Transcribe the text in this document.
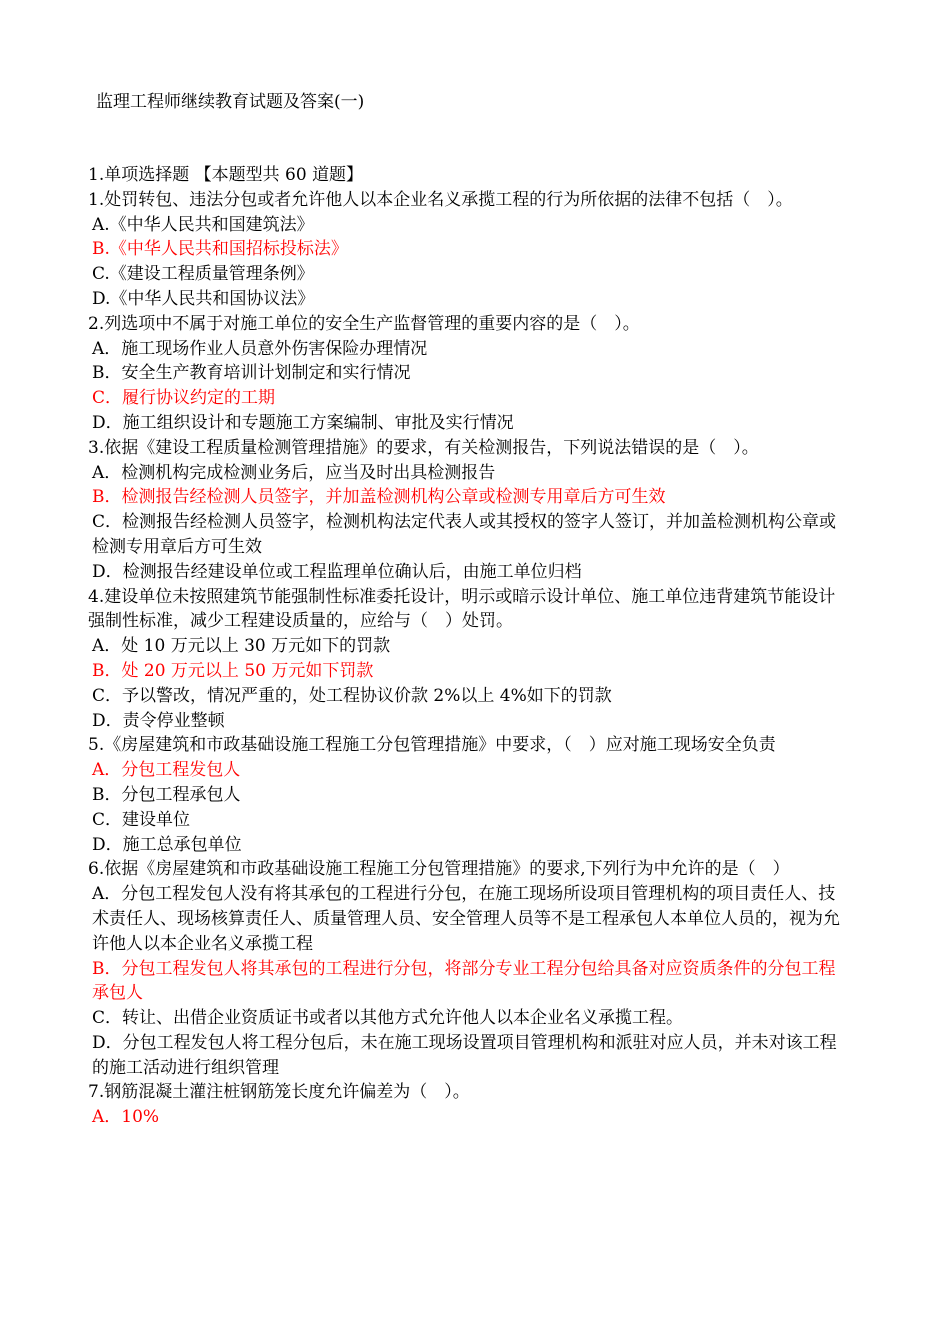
监理工程师继续教育试题及答案(一)
1.单项选择题 【本题型共 60 道题】
1.处罚转包、违法分包或者允许他人以本企业名义承揽工程的行为所依据的法律不包括（　）。
A.《中华人民共和国建筑法》
B.《中华人民共和国招标投标法》
C.《建设工程质量管理条例》
D.《中华人民共和国协议法》
2.列选项中不属于对施工单位的安全生产监督管理的重要内容的是（　）。
A．施工现场作业人员意外伤害保险办理情况
B．安全生产教育培训计划制定和实行情况
C．履行协议约定的工期
D．施工组织设计和专题施工方案编制、审批及实行情况
3.依据《建设工程质量检测管理措施》的要求，有关检测报告，下列说法错误的是（　）。
A．检测机构完成检测业务后，应当及时出具检测报告
B．检测报告经检测人员签字，并加盖检测机构公章或检测专用章后方可生效
C．检测报告经检测人员签字，检测机构法定代表人或其授权的签字人签订，并加盖检测机构公章或检测专用章后方可生效
D．检测报告经建设单位或工程监理单位确认后，由施工单位归档
4.建设单位未按照建筑节能强制性标准委托设计，明示或暗示设计单位、施工单位违背建筑节能设计强制性标准，减少工程建设质量的，应给与（　）处罚。
A．处 10 万元以上 30 万元如下的罚款
B．处 20 万元以上 50 万元如下罚款
C．予以警改，情况严重的，处工程协议价款 2%以上 4%如下的罚款
D．责令停业整顿
5.《房屋建筑和市政基础设施工程施工分包管理措施》中要求，（　）应对施工现场安全负责
A．分包工程发包人
B．分包工程承包人
C．建设单位
D．施工总承包单位
6.依据《房屋建筑和市政基础设施工程施工分包管理措施》的要求,下列行为中允许的是（　）
A．分包工程发包人没有将其承包的工程进行分包，在施工现场所设项目管理机构的项目责任人、技术责任人、现场核算责任人、质量管理人员、安全管理人员等不是工程承包人本单位人员的，视为允许他人以本企业名义承揽工程
B．分包工程发包人将其承包的工程进行分包，将部分专业工程分包给具备对应资质条件的分包工程承包人
C．转让、出借企业资质证书或者以其他方式允许他人以本企业名义承揽工程。
D．分包工程发包人将工程分包后，未在施工现场设置项目管理机构和派驻对应人员，并未对该工程的施工活动进行组织管理
7.钢筋混凝土灌注桩钢筋笼长度允许偏差为（　）。
A．10%
